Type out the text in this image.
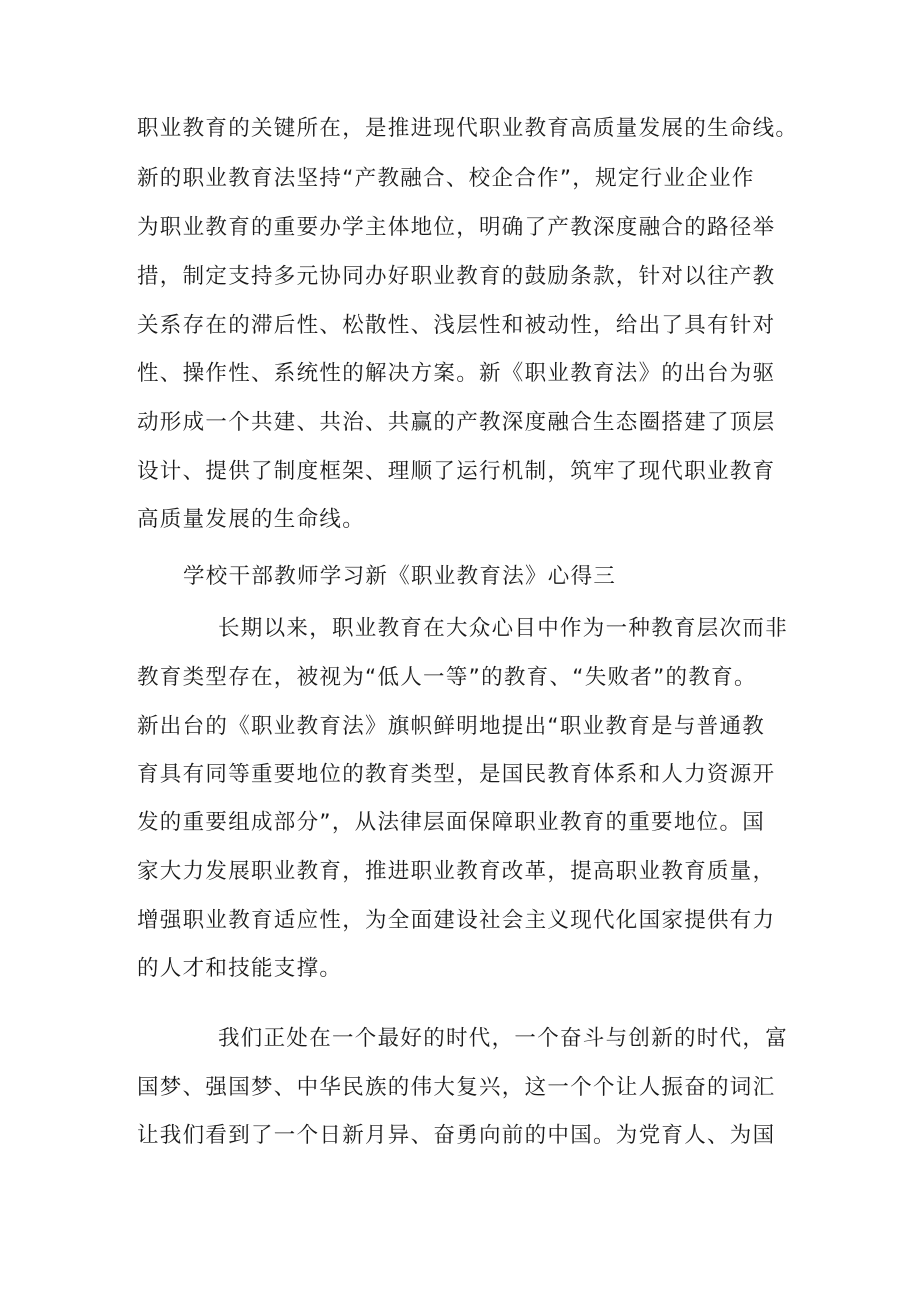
职业教育的关键所在，是推进现代职业教育高质量发展的生命线。
新的职业教育法坚持“产教融合、校企合作”，规定行业企业作
为职业教育的重要办学主体地位，明确了产教深度融合的路径举
措，制定支持多元协同办好职业教育的鼓励条款，针对以往产教
关系存在的滞后性、松散性、浅层性和被动性，给出了具有针对
性、操作性、系统性的解决方案。新《职业教育法》的出台为驱
动形成一个共建、共治、共赢的产教深度融合生态圈搭建了顶层
设计、提供了制度框架、理顺了运行机制，筑牢了现代职业教育
高质量发展的生命线。
学校干部教师学习新《职业教育法》心得三
长期以来，职业教育在大众心目中作为一种教育层次而非
教育类型存在，被视为“低人一等”的教育、“失败者”的教育。
新出台的《职业教育法》旗帜鲜明地提出“职业教育是与普通教
育具有同等重要地位的教育类型，是国民教育体系和人力资源开
发的重要组成部分”，从法律层面保障职业教育的重要地位。国
家大力发展职业教育，推进职业教育改革，提高职业教育质量，
增强职业教育适应性，为全面建设社会主义现代化国家提供有力
的人才和技能支撑。
我们正处在一个最好的时代，一个奋斗与创新的时代，富
国梦、强国梦、中华民族的伟大复兴，这一个个让人振奋的词汇
让我们看到了一个日新月异、奋勇向前的中国。为党育人、为国
